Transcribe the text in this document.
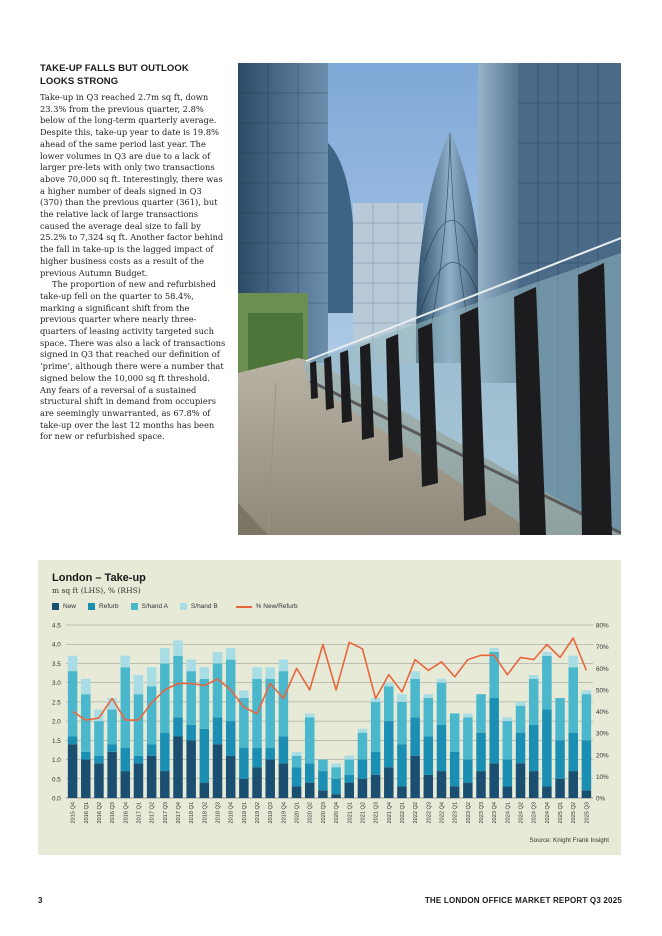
TAKE-UP FALLS BUT OUTLOOK LOOKS STRONG

Take-up in Q3 reached 2.7m sq ft, down 23.3% from the previous quarter, 2.8% below of the long-term quarterly average. Despite this, take-up year to date is 19.8% ahead of the same period last year. The lower volumes in Q3 are due to a lack of larger pre-lets with only two transactions above 70,000 sq ft. Interestingly, there was a higher number of deals signed in Q3 (370) than the previous quarter (361), but the relative lack of large transactions caused the average deal size to fall by 25.2% to 7,324 sq ft. Another factor behind the fall in take-up is the lagged impact of higher business costs as a result of the previous Autumn Budget.

The proportion of new and refurbished take-up fell on the quarter to 58.4%, marking a significant shift from the previous quarter where nearly three-quarters of leasing activity targeted such space. There was also a lack of transactions signed in Q3 that reached our definition of ‘prime’, although there were a number that signed below the 10,000 sq ft threshold. Any fears of a reversal of a sustained structural shift in demand from occupiers are seemingly unwarranted, as 67.8% of take-up over the last 12 months has been for new or refurbished space.

London – Take-up
m sq ft (LHS), % (RHS)
New	Refurb	S/hand A	S/hand B	% New/Refurb
0.0
0.5
1.0
1.5
2.0
2.5
3.0
3.5
4.0
4.5
0%
10%
20%
30%
40%
50%
60%
70%
80%
2015 Q4 2016 Q1 2016 Q2 2016 Q3 2016 Q4 2017 Q1 2017 Q2 2017 Q3 2017 Q4 2018 Q1 2018 Q2 2018 Q3 2018 Q4 2019 Q1 2019 Q2 2019 Q3 2019 Q4 2020 Q1 2020 Q2 2020 Q3 2020 Q4 2021 Q1 2021 Q2 2021 Q3 2021 Q4 2022 Q1 2022 Q2 2022 Q3 2022 Q4 2023 Q1 2023 Q2 2023 Q3 2023 Q4 2024 Q1 2024 Q2 2024 Q3 2024 Q4 2025 Q1 2025 Q2 2025 Q3
Source: Knight Frank Insight
3	THE LONDON OFFICE MARKET REPORT Q3 2025
